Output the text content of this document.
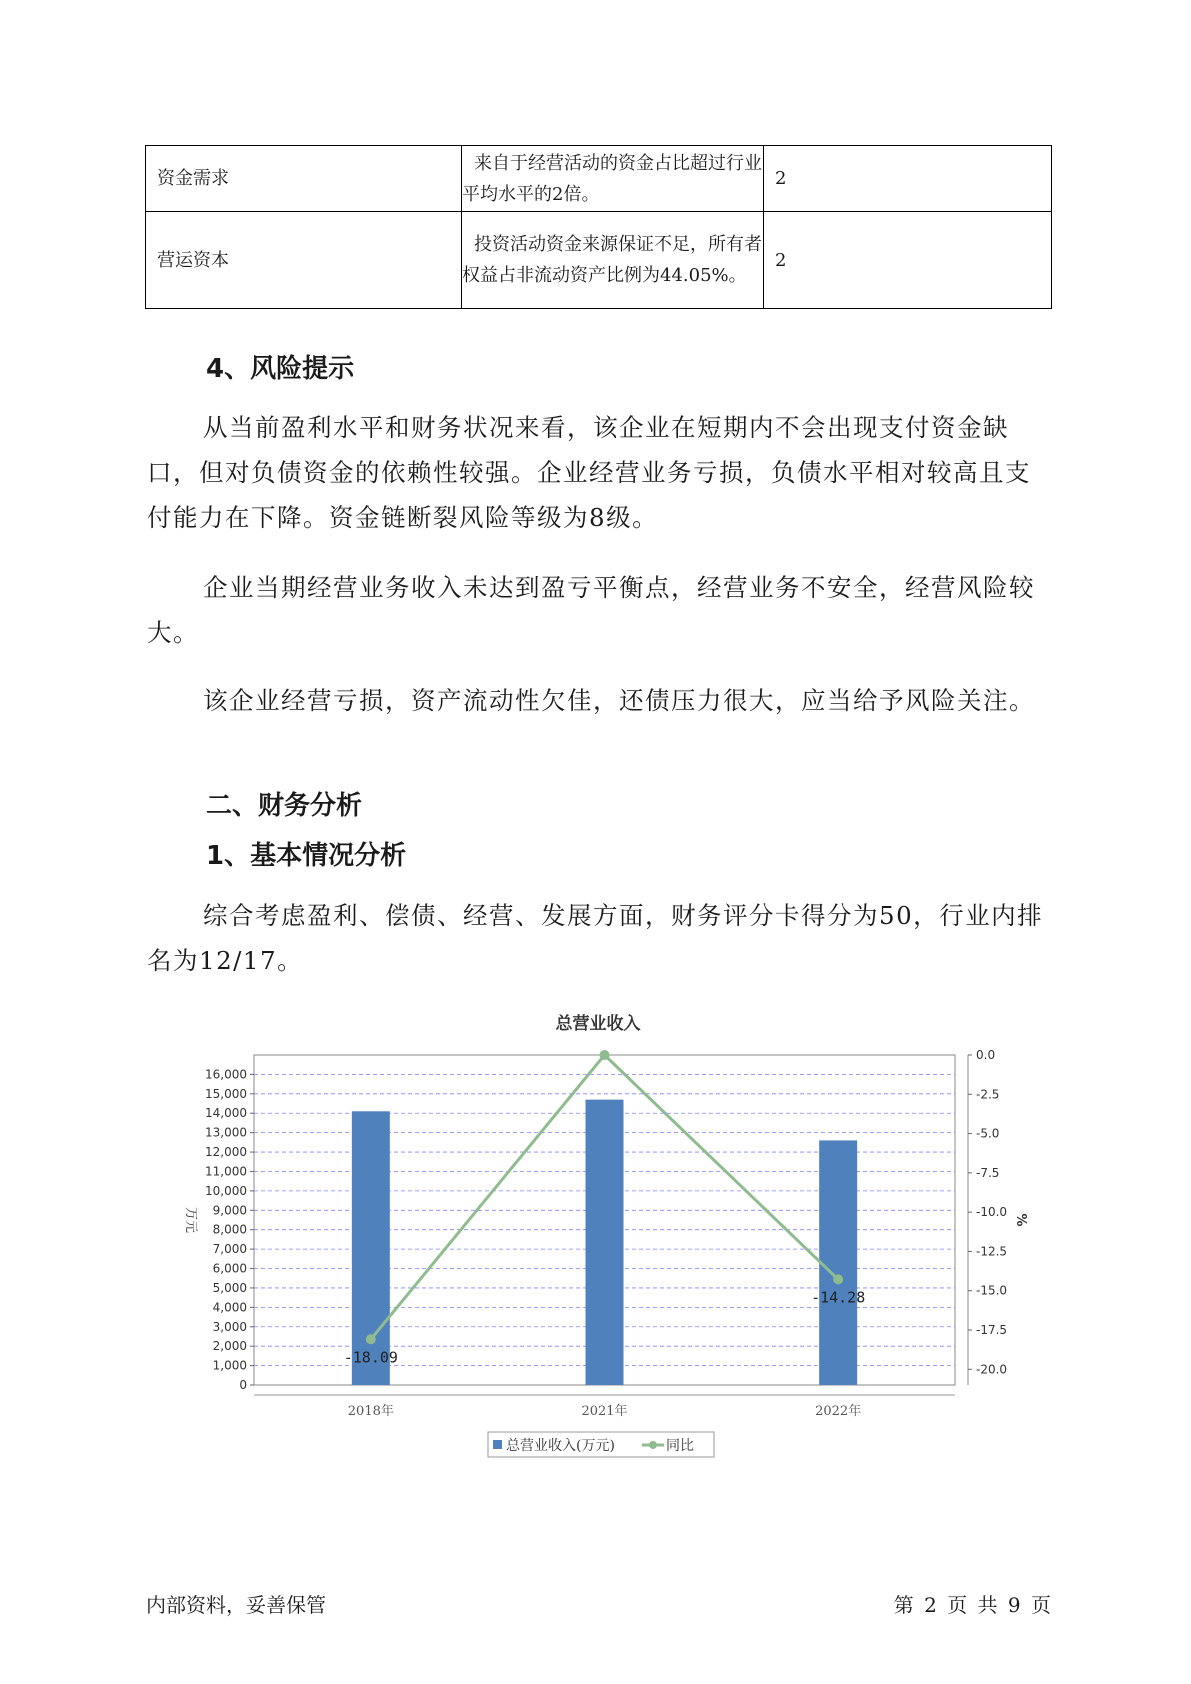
资金需求	来自于经营活动的资金占比超过行业平均水平的2倍。	2
营运资本	投资活动资金来源保证不足，所有者权益占非流动资产比例为44.05%。	2
4、风险提示

从当前盈利水平和财务状况来看，该企业在短期内不会出现支付资金缺口，但对负债资金的依赖性较强。企业经营业务亏损，负债水平相对较高且支付能力在下降。资金链断裂风险等级为8级。

企业当期经营业务收入未达到盈亏平衡点，经营业务不安全，经营风险较大。

该企业经营亏损，资产流动性欠佳，还债压力很大，应当给予风险关注。

二、财务分析
1、基本情况分析

综合考虑盈利、偿债、经营、发展方面，财务评分卡得分为50，行业内排名为12/17。

总营业收入
0
1,000
2,000
3,000
4,000
5,000
6,000
7,000
8,000
9,000
10,000
11,000
12,000
13,000
14,000
15,000
16,000
0.0
-2.5
-5.0
-7.5
-10.0
-12.5
-15.0
-17.5
-20.0
万元	%
2018年	2021年	2022年
-18.09
-14.28
总营业收入(万元)	同比
内部资料，妥善保管	第 2 页 共 9 页
